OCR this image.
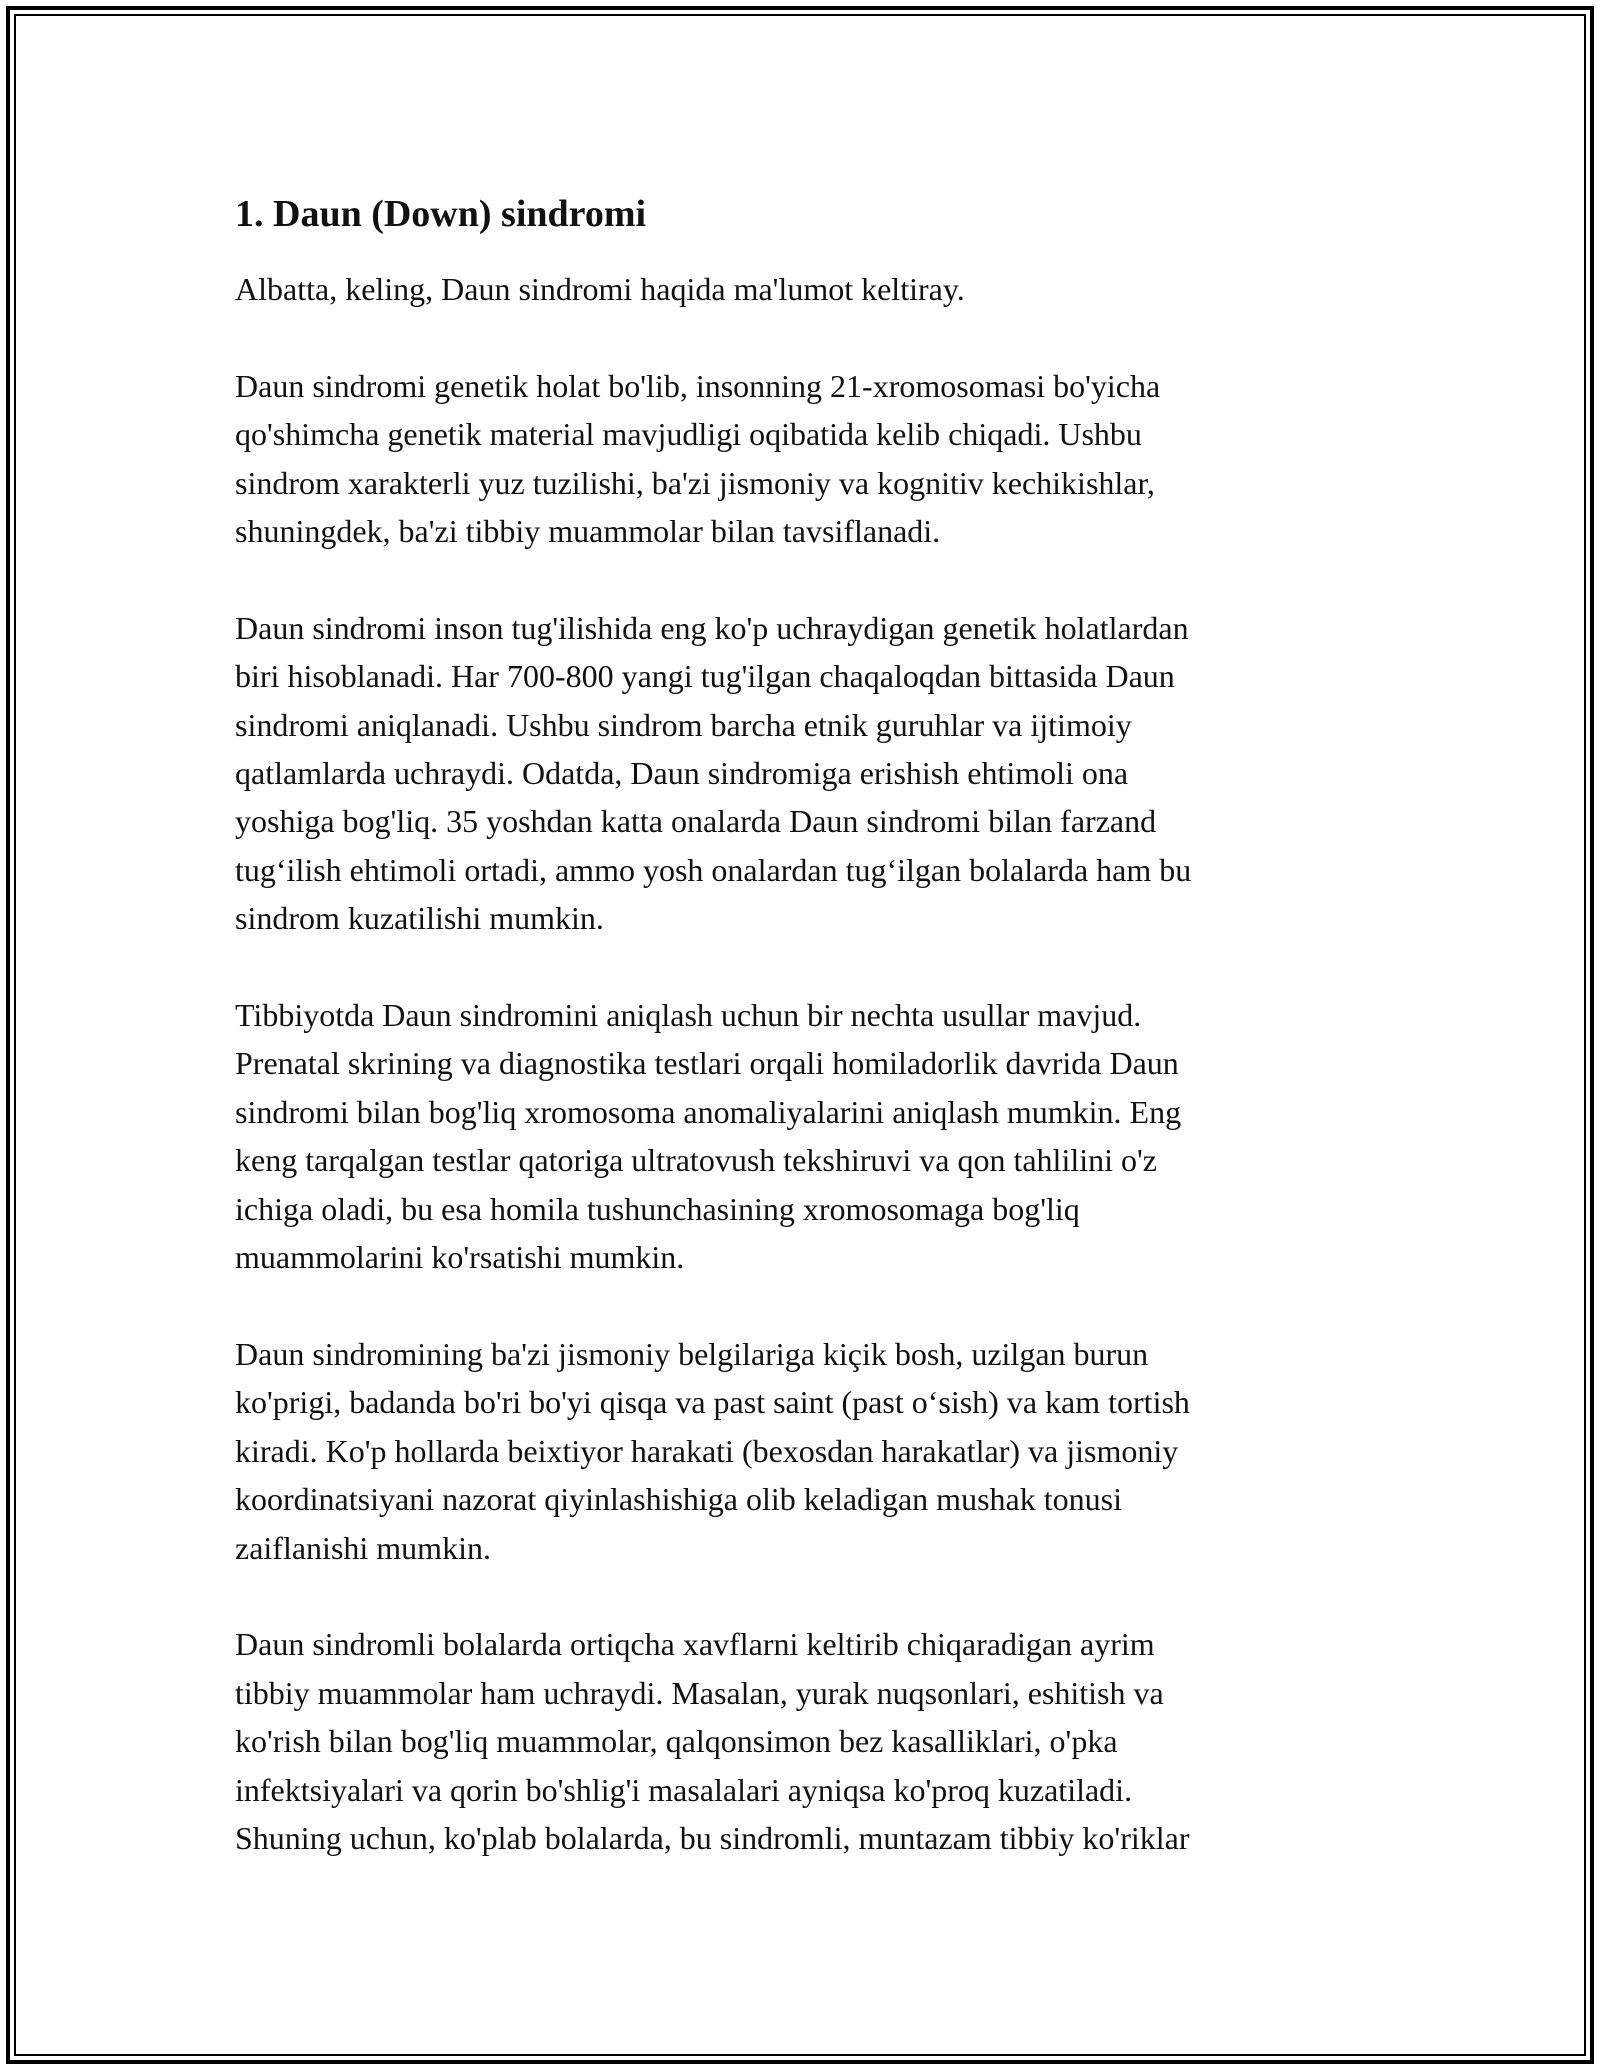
1. Daun (Down) sindromi

Albatta, keling, Daun sindromi haqida ma'lumot keltiray.

Daun sindromi genetik holat bo'lib, insonning 21-xromosomasi bo'yicha
qo'shimcha genetik material mavjudligi oqibatida kelib chiqadi. Ushbu
sindrom xarakterli yuz tuzilishi, ba'zi jismoniy va kognitiv kechikishlar,
shuningdek, ba'zi tibbiy muammolar bilan tavsiflanadi.

Daun sindromi inson tug'ilishida eng ko'p uchraydigan genetik holatlardan
biri hisoblanadi. Har 700-800 yangi tug'ilgan chaqaloqdan bittasida Daun
sindromi aniqlanadi. Ushbu sindrom barcha etnik guruhlar va ijtimoiy
qatlamlarda uchraydi. Odatda, Daun sindromiga erishish ehtimoli ona
yoshiga bog'liq. 35 yoshdan katta onalarda Daun sindromi bilan farzand
tug‘ilish ehtimoli ortadi, ammo yosh onalardan tug‘ilgan bolalarda ham bu
sindrom kuzatilishi mumkin.

Tibbiyotda Daun sindromini aniqlash uchun bir nechta usullar mavjud.
Prenatal skrining va diagnostika testlari orqali homiladorlik davrida Daun
sindromi bilan bog'liq xromosoma anomaliyalarini aniqlash mumkin. Eng
keng tarqalgan testlar qatoriga ultratovush tekshiruvi va qon tahlilini o'z
ichiga oladi, bu esa homila tushunchasining xromosomaga bog'liq
muammolarini ko'rsatishi mumkin.

Daun sindromining ba'zi jismoniy belgilariga kiçik bosh, uzilgan burun
ko'prigi, badanda bo'ri bo'yi qisqa va past saint (past o‘sish) va kam tortish
kiradi. Ko'p hollarda beixtiyor harakati (bexosdan harakatlar) va jismoniy
koordinatsiyani nazorat qiyinlashishiga olib keladigan mushak tonusi
zaiflanishi mumkin.

Daun sindromli bolalarda ortiqcha xavflarni keltirib chiqaradigan ayrim
tibbiy muammolar ham uchraydi. Masalan, yurak nuqsonlari, eshitish va
ko'rish bilan bog'liq muammolar, qalqonsimon bez kasalliklari, o'pka
infektsiyalari va qorin bo'shlig'i masalalari ayniqsa ko'proq kuzatiladi.
Shuning uchun, ko'plab bolalarda, bu sindromli, muntazam tibbiy ko'riklar
